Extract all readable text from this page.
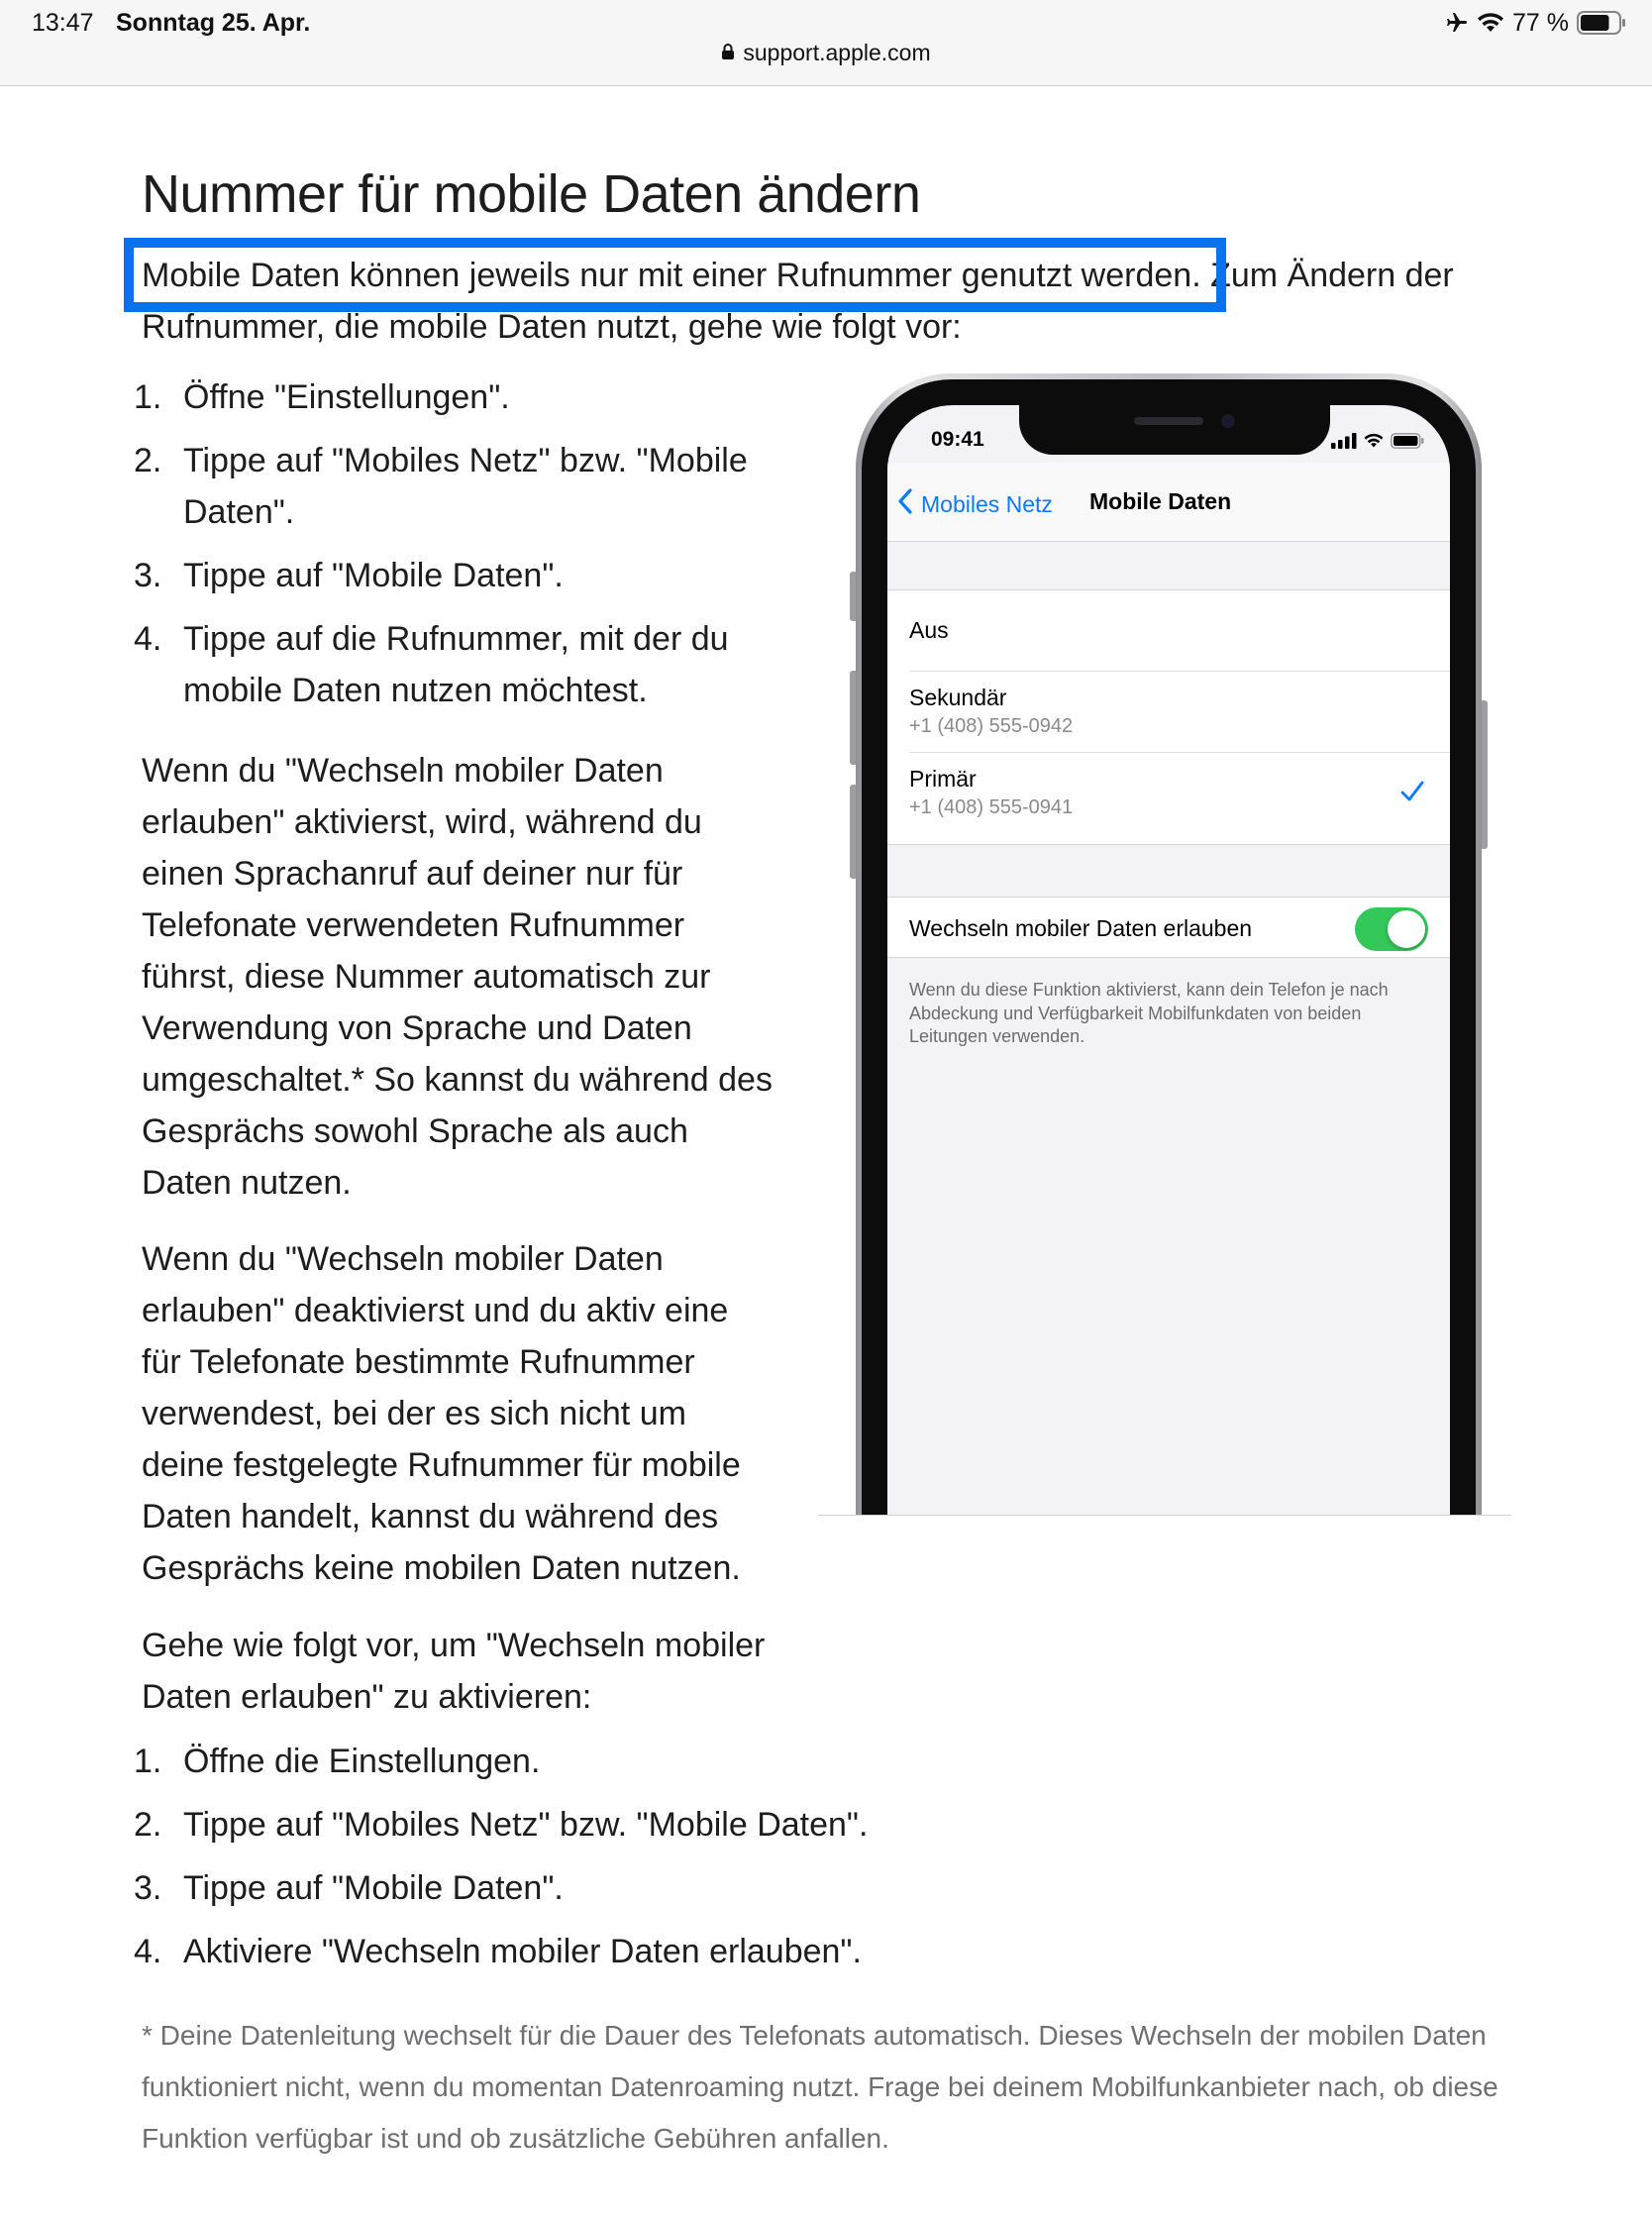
13:47 Sonntag 25. Apr.	77 %
support.apple.com
Nummer für mobile Daten ändern

Mobile Daten können jeweils nur mit einer Rufnummer genutzt werden. Zum Ändern der Rufnummer, die mobile Daten nutzt, gehe wie folgt vor:

1. Öffne "Einstellungen".
2. Tippe auf "Mobiles Netz" bzw. "Mobile Daten".
3. Tippe auf "Mobile Daten".
4. Tippe auf die Rufnummer, mit der du mobile Daten nutzen möchtest.

Wenn du "Wechseln mobiler Daten erlauben" aktivierst, wird, während du einen Sprachanruf auf deiner nur für Telefonate verwendeten Rufnummer führst, diese Nummer automatisch zur Verwendung von Sprache und Daten umgeschaltet.* So kannst du während des Gesprächs sowohl Sprache als auch Daten nutzen.

Wenn du "Wechseln mobiler Daten erlauben" deaktivierst und du aktiv eine für Telefonate bestimmte Rufnummer verwendest, bei der es sich nicht um deine festgelegte Rufnummer für mobile Daten handelt, kannst du während des Gesprächs keine mobilen Daten nutzen.

Gehe wie folgt vor, um "Wechseln mobiler Daten erlauben" zu aktivieren:

1. Öffne die Einstellungen.
2. Tippe auf "Mobiles Netz" bzw. "Mobile Daten".
3. Tippe auf "Mobile Daten".
4. Aktiviere "Wechseln mobiler Daten erlauben".

* Deine Datenleitung wechselt für die Dauer des Telefonats automatisch. Dieses Wechseln der mobilen Daten funktioniert nicht, wenn du momentan Datenroaming nutzt. Frage bei deinem Mobilfunkanbieter nach, ob diese Funktion verfügbar ist und ob zusätzliche Gebühren anfallen.

09:41
Mobiles Netz Mobile Daten
Aus
Sekundär
+1 (408) 555-0942
Primär
+1 (408) 555-0941
Wechseln mobiler Daten erlauben

Wenn du diese Funktion aktivierst, kann dein Telefon je nach Abdeckung und Verfügbarkeit Mobilfunkdaten von beiden Leitungen verwenden.
